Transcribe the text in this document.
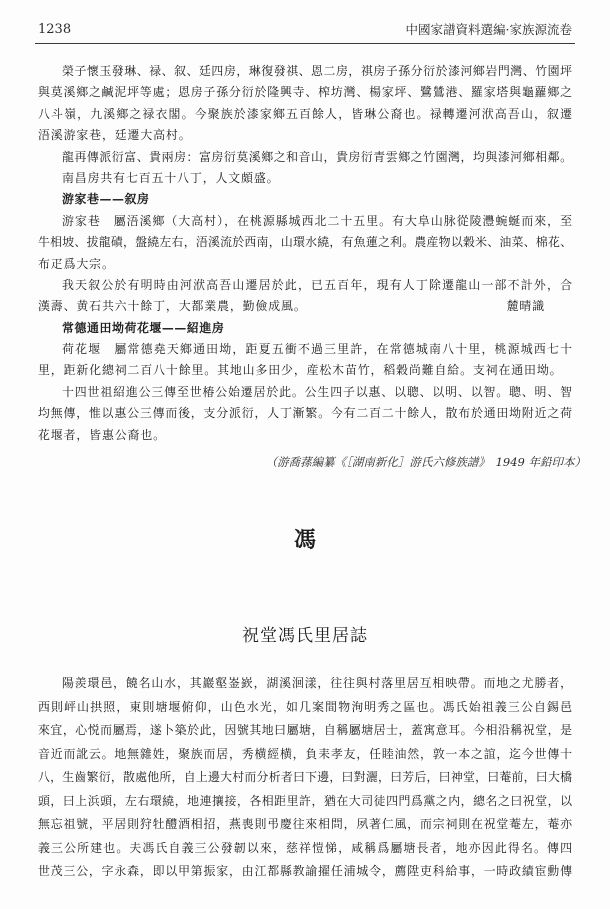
1238	中國家譜資料選編·家族源流卷
榮子懷玉發琳、禄、叙、廷四房，琳復發祺、恩二房，祺房子孫分衍於漆河鄉岩門灣、竹園坪
與莫溪鄉之鹹泥坪等處；恩房子孫分衍於隆興寺、榨坊灣、楊家坪、鷺鷥港、羅家塔與龜蘿鄉之
八斗嶺，九溪鄉之禄衣閣。今聚族於漆家鄉五百餘人，皆琳公裔也。禄轉遷河洑高吾山，叙遷
浯溪游家巷，廷遷大高村。
龍再傳派衍富、貴兩房：富房衍莫溪鄉之和音山，貴房衍青雲鄉之竹園灣，均與漆河鄉相鄰。
南昌房共有七百五十八丁，人文頗盛。
游家巷——叙房
游家巷　屬浯溪鄉（大高村），在桃源縣城西北二十五里。有大阜山脉從陵灃蜿蜒而來，至
牛相坡、拔龍磧，盤繞左右，浯溪流於西南，山環水繞，有魚蓮之利。農産物以穀米、油菜、棉花、
布疋爲大宗。
我天叙公於有明時由河洑高吾山遷居於此，已五百年，現有人丁除遷龍山一部不計外，合
漢壽、黄石共六十餘丁，大都業農，勤儉成風。	麓晴識
常德通田坳荷花堰——紹進房
荷花堰　屬常德堯天鄉通田坳，距夏五衝不過三里許，在常德城南八十里，桃源城西七十
里，距新化總祠二百八十餘里。其地山多田少，産松木苗竹，稻穀尚難自給。支祠在通田坳。
十四世祖紹進公三傳至世椿公始遷居於此。公生四子以惠、以聰、以明、以智。聰、明、智
均無傳，惟以惠公三傳而後，支分派衍，人丁漸繁。今有二百二十餘人，散布於通田坳附近之荷
花堰者，皆惠公裔也。
（游喬蓀編纂《［湖南新化］游氏六修族譜》　1949 年鉛印本）
馮
祝堂馮氏里居誌
陽羨環邑，饒名山水，其巖壑崟嶔，湖溪洄漾，往往與村落里居互相映帶。而地之尤勝者，
西則岼山拱照，東則塘堰俯仰，山色水光，如几案間物洵明秀之區也。馮氏始祖義三公自錫邑
來宜，心悦而屬焉，遂卜築於此，因號其地曰屬塘，自稱屬塘居士，蓋寓意耳。今相沿稱祝堂，是
音近而訛云。地無雜姓，聚族而居，秀横經横，負耒孝友，任睦油然，敦一本之誼，迄今世傳十
八，生齒繁衍，散處他所，自上邊大村而分析者曰下邊，曰對灑，曰芳后，曰神堂，曰菴前，曰大橋
頭，曰上浜頭，左右環繞，地連攘接，各相距里許，猶在大司徒四門爲黨之内，總名之曰祝堂，以
無忘祖號，平居則狩牡醴酒相招，燕喪則弔慶往來相問，夙著仁風，而宗祠則在祝堂菴左，菴亦
義三公所建也。夫馮氏自義三公發韌以來，慈祥愷悌，咸稱爲屬塘長者，地亦因此得名。傳四
世茂三公，字永森，即以甲第振家，由江都縣教諭擢任浦城令，薦陞吏科給事，一時政績宦勳傳
